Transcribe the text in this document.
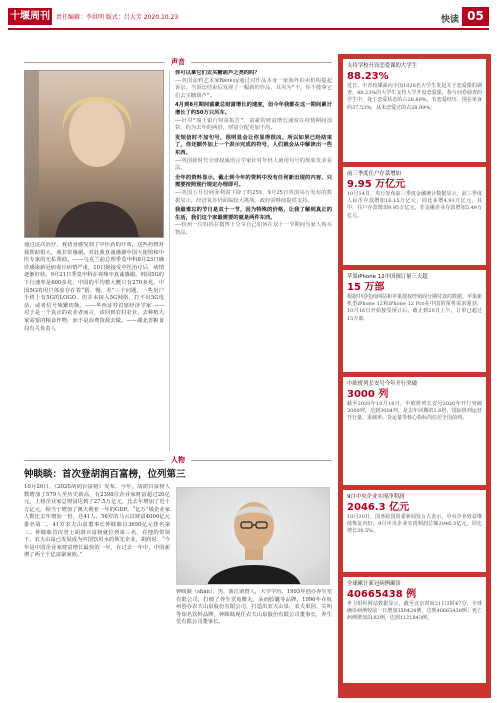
十堰周刊	责任编辑：李洪明 版式：吕大芳 2020.10.23	快读 05
声音
通过这次治疗，我切身感受到了中医药的疗效，这些药物对我帮助很大，我非常感谢。对此我真诚感谢中国大使馆和中医专家的无私帮助。——乌克兰前总理季莫申科8月23日确诊感染新冠病毒且病情严重，10日她接受中医治疗后，病情逐渐好转。9月21日季莫申科在视频中真诚感谢。韩国5G的下行速率是600多兆，中国的平均数大概只有270多兆。中国5G的用户体验存在着“假、慢、差”三个问题，一些用户手机上有5G的LOGO，但并未接入5G网络，打不出5G电话，或者信号频繁切换。——华西证券首席经济学家 —— 对于是一个真正的农业者而言，该回到农村农业，去种植大家需要的粮食作物，而不是浪费资源去做。——湖北省粮食局有关负责人
你可以拿它们去买糖葫芦之类的吗？
——英国涂鸦艺术家Banksy通过对作品本身一家海外拍卖机构提起诉讼，当诉讼结束后发现了一幅新的作品，其名为“不，你不能拿它们去买糖葫芦”。
4月到8月期间富豪总财富增长的速度，但今年我都在这一期间累计增长了约50万只风车。
——针对“瑞士银行财富报告”，富豪的财富增长速度在疫情期间加快，约为去年的两倍，财富分配更加不均。
发短信时不加句号，很明显会让你显得很凶。所以如果已经结束了，你还额外加上一个表示完成的符号，人们就会从中解读出一些东西。
——英国新时代全球权威语言学家针对年轻人使用句号的现象发表看法。
全年的资料显示，截止到今年的资料中没有任何新出现的内容，只需要按照现行规定办理即可。
——英国五月份商业利润下降了约25%，9月25日英国央行发布的数据显示，经济复苏仍面临较大挑战，政府需继续提供支持。
我最难忘的节日是双十一节，因为特殊的价格，让我了解到真正的生活，我们这个家最需要的就是两件东西。
——杭州一位妈妈在微博上分享自己如何在双十一节期间为家人购买物品。
人物
钟睒睒：首次登胡润百富榜，位列第三
10月20日，《2020胡润百富榜》发布。今年，胡润百富榜人数增加了579人至历史新高，有2398位企业家财富超过20亿元。上榜企业家总财富达到了27.5万亿元，比去年增加了近十万亿元，相当于增加了澳大利亚一年的GDP。“亿万”级企业家人数比去年增加一倍，达41人。56岁的马云以财富4000亿元排名第二，41岁农夫山泉董事长钟睒睒以3650亿元排名第三。钟睒睒首次登上胡润百富榜就位列第三名，在他的带领下，农夫山泉已发展成为中国饮用水的领先企业。胡润说：“今年是中国企业家财富增长最快的一年，在过去一年中，中国新增了两个千亿富豪家族。”
钟睒睒（shǎn），男，浙江诸暨人，大学学历。1993年创办养生堂有限公司，打破了养生堂龟鳖丸、朵而胶囊等品牌。1996年在杭州创办农夫山泉股份有限公司，打造出农夫山泉、农夫果园、尖叫等知名饮料品牌，钟睒睒现任农夫山泉股份有限公司董事长，养生堂有限公司董事长。
支持学校开设恋爱课的大学生
88.23%
近日，中青校媒面向全国1028名大学生发起关于恋爱课的调查，88.23%的大学生支持大学开设恋爱课，参与问卷调查的学生中，处于恋爱状态的占28.89%，有恋爱经历、现在单身的37.53%，从未恋爱过的占28.99%。
前三季度住户存款增加
9.95 万亿元
10月14日，央行发布前三季度金融统计数据显示，前三季度人民币存款增加16.15万亿元，同比多增4.93万亿元，其中，住户存款增加9.95万亿元，非金融企业存款增加5.49万亿元。
苹果iPhone 12中国预订量三天超
15 万部
根据中国电商网站和苹果授权经销商分期付款的数据，苹果新机型iPhone 12和iPhone 12 Pro在中国的预售需求强劲，10月16日开始接受预订后，截止到20日上午，订单已超过15万部。
中欧班列长安号今年开行突破
3000 列
截至2020年10月18日，中欧班列长安号2020年开行突破3000列，达到3004列，是去年同期的1.6倍，国际班列运营开行量、重载率、货运量等核心指标均位居全国前列。
9月中央企业实现净利润
2046.3 亿元
10月20日，国务院国资委新闻发言人表示，中央企业效益继续恢复向好，9月中央企业实现利润总额2046.3亿元，同比增长34.5%。
全球累计新冠病例确诊
40665438 例
世卫组织网站数据显示，截至北京时间21日3时47分，全球确诊病例较前一日增加350424例，达到40665438例；死亡病例增加5192例，达到1121843例。
